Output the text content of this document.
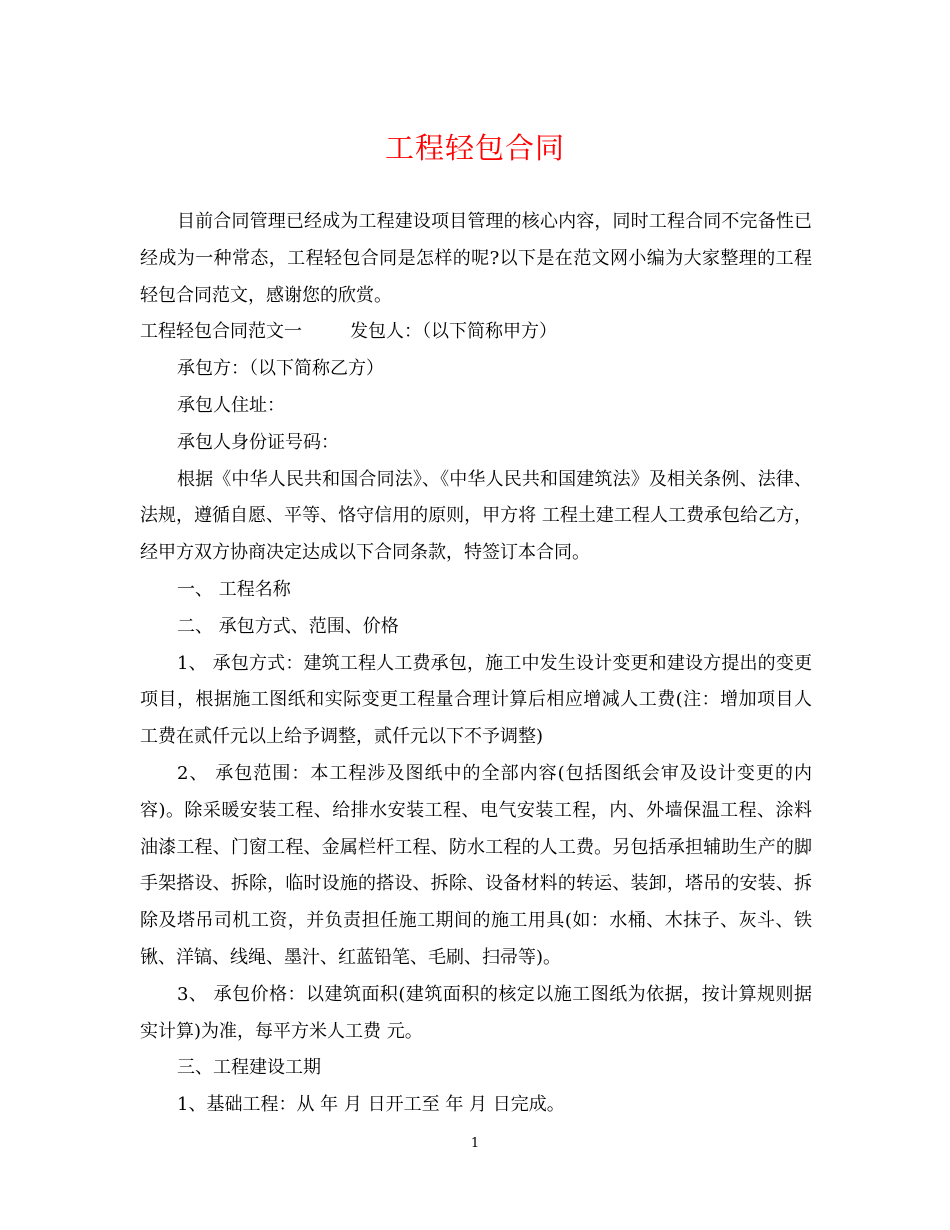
工程轻包合同

目前合同管理已经成为工程建设项目管理的核心内容，同时工程合同不完备性已经成为一种常态，工程轻包合同是怎样的呢?以下是在范文网小编为大家整理的工程轻包合同范文，感谢您的欣赏。

工程轻包合同范文一	发包人：（以下简称甲方）

承包方：（以下简称乙方）

承包人住址：

承包人身份证号码：

根据《中华人民共和国合同法》、《中华人民共和国建筑法》及相关条例、法律、法规，遵循自愿、平等、恪守信用的原则，甲方将 工程土建工程人工费承包给乙方，经甲方双方协商决定达成以下合同条款，特签订本合同。

一、 工程名称

二、 承包方式、范围、价格

1、 承包方式：建筑工程人工费承包，施工中发生设计变更和建设方提出的变更项目，根据施工图纸和实际变更工程量合理计算后相应增减人工费(注：增加项目人工费在贰仟元以上给予调整，贰仟元以下不予调整)

2、 承包范围：本工程涉及图纸中的全部内容(包括图纸会审及设计变更的内容)。除采暖安装工程、给排水安装工程、电气安装工程，内、外墙保温工程、涂料油漆工程、门窗工程、金属栏杆工程、防水工程的人工费。另包括承担辅助生产的脚手架搭设、拆除，临时设施的搭设、拆除、设备材料的转运、装卸，塔吊的安装、拆除及塔吊司机工资，并负责担任施工期间的施工用具(如：水桶、木抹子、灰斗、铁锹、洋镐、线绳、墨汁、红蓝铅笔、毛刷、扫帚等)。

3、 承包价格：以建筑面积(建筑面积的核定以施工图纸为依据，按计算规则据实计算)为准，每平方米人工费 元。

三、工程建设工期

1、基础工程：从 年 月 日开工至 年 月 日完成。

1
